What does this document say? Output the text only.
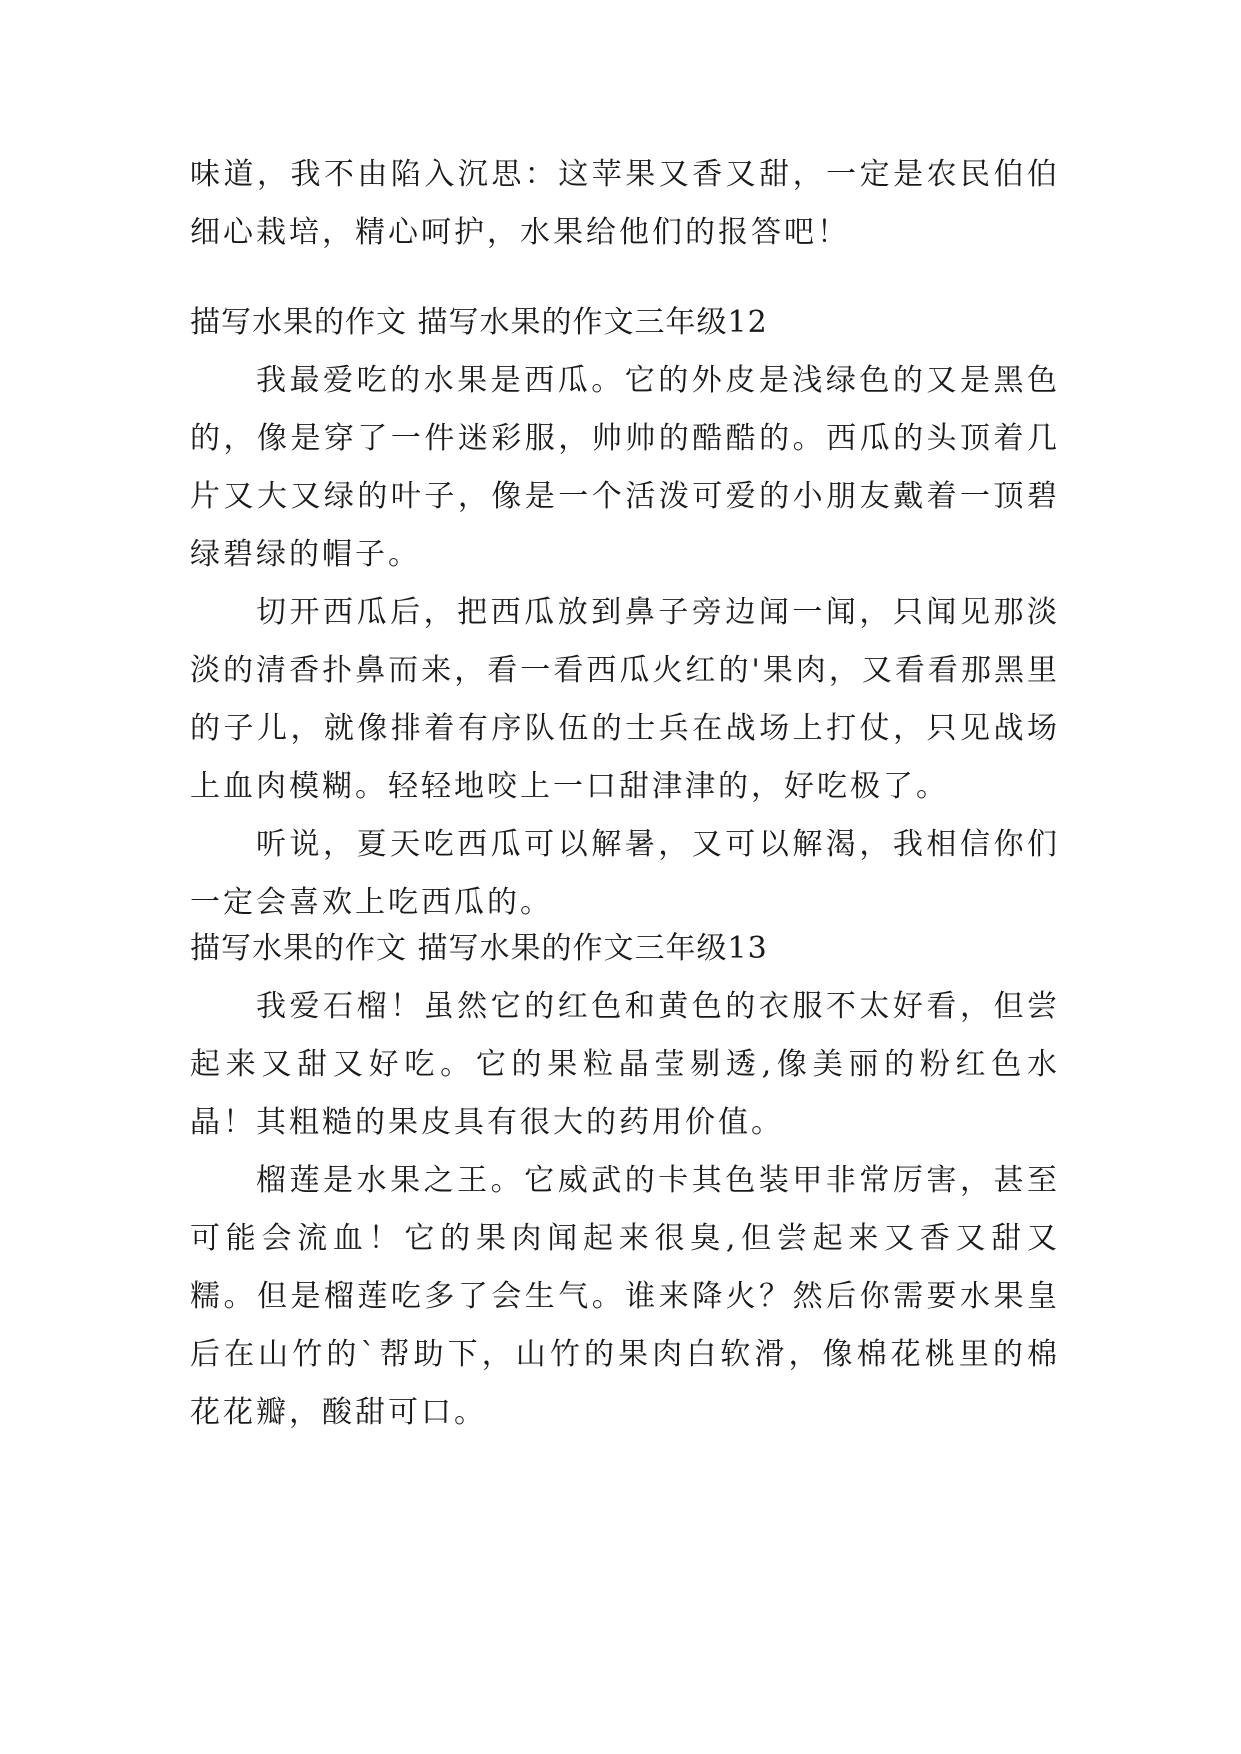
味道，我不由陷入沉思：这苹果又香又甜，一定是农民伯伯细心栽培，精心呵护，水果给他们的报答吧！

描写水果的作文 描写水果的作文三年级12

我最爱吃的水果是西瓜。它的外皮是浅绿色的又是黑色的，像是穿了一件迷彩服，帅帅的酷酷的。西瓜的头顶着几片又大又绿的叶子，像是一个活泼可爱的小朋友戴着一顶碧绿碧绿的帽子。

切开西瓜后，把西瓜放到鼻子旁边闻一闻，只闻见那淡淡的清香扑鼻而来，看一看西瓜火红的'果肉，又看看那黑里的子儿，就像排着有序队伍的士兵在战场上打仗，只见战场上血肉模糊。轻轻地咬上一口甜津津的，好吃极了。

听说，夏天吃西瓜可以解暑，又可以解渴，我相信你们一定会喜欢上吃西瓜的。

描写水果的作文 描写水果的作文三年级13

我爱石榴！虽然它的红色和黄色的衣服不太好看，但尝起来又甜又好吃。它的果粒晶莹剔透,像美丽的粉红色水晶！其粗糙的果皮具有很大的药用价值。

榴莲是水果之王。它威武的卡其色装甲非常厉害，甚至可能会流血！它的果肉闻起来很臭,但尝起来又香又甜又糯。但是榴莲吃多了会生气。谁来降火？然后你需要水果皇后在山竹的`帮助下，山竹的果肉白软滑，像棉花桃里的棉花花瓣，酸甜可口。
